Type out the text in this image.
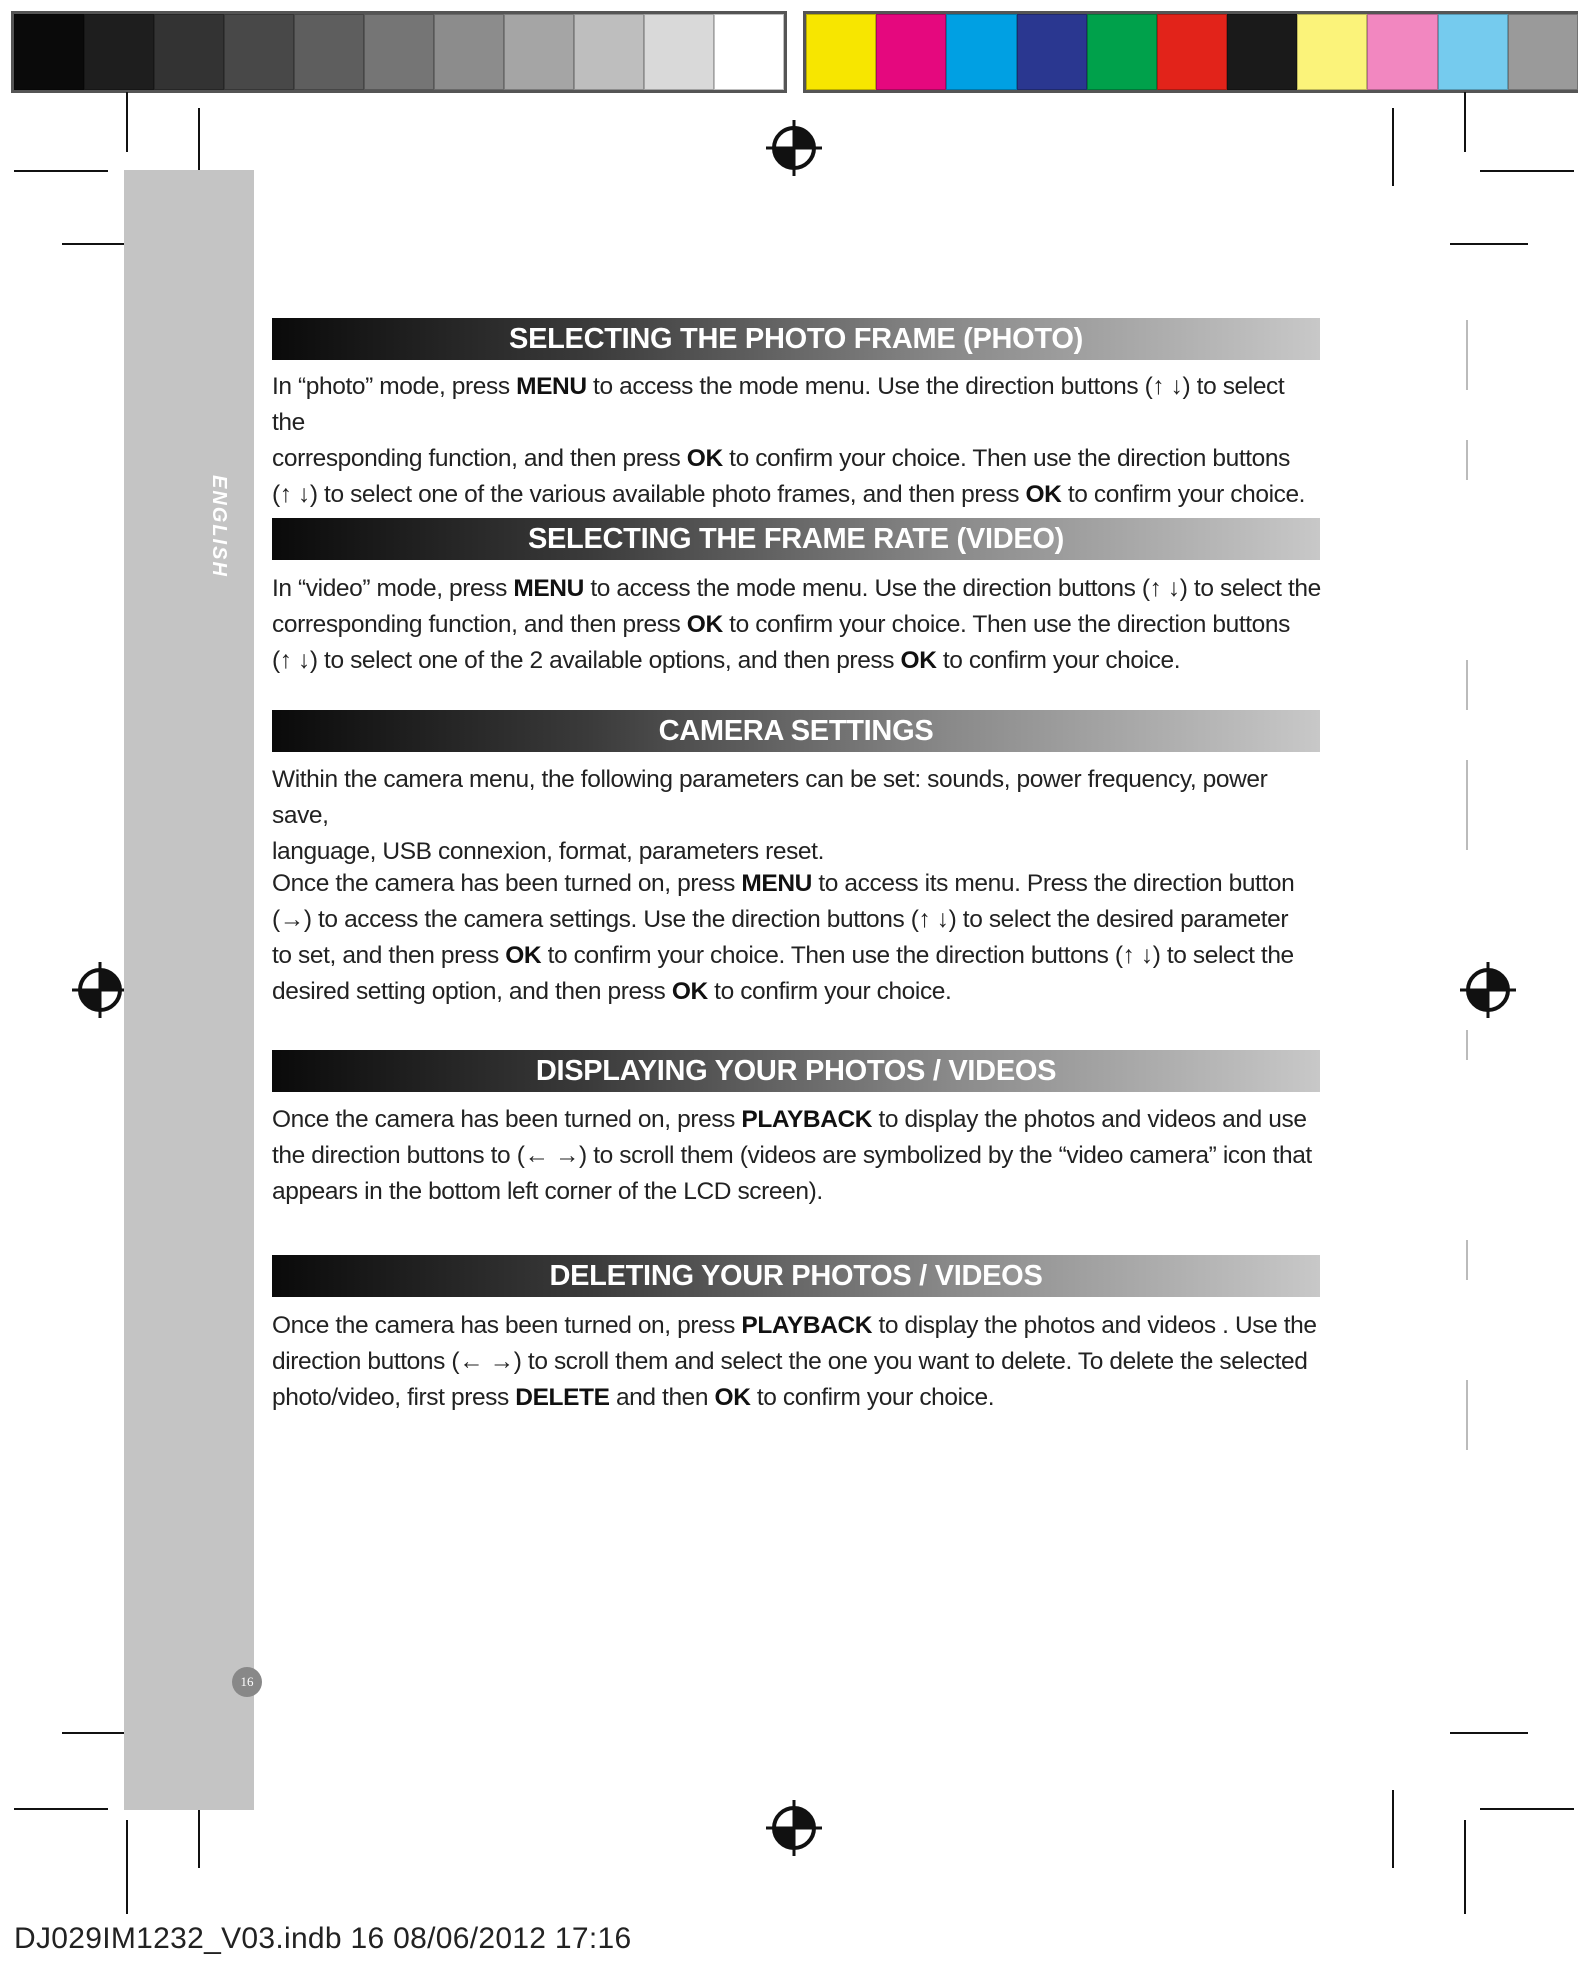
ENGLISH
16
SELECTING THE PHOTO FRAME (PHOTO)
In “photo” mode, press MENU to access the mode menu. Use the direction buttons (↑ ↓) to select the
corresponding function, and then press OK to confirm your choice. Then use the direction buttons
(↑ ↓) to select one of the various available photo frames, and then press OK to confirm your choice.
SELECTING THE FRAME RATE (VIDEO)
In “video” mode, press MENU to access the mode menu. Use the direction buttons (↑ ↓) to select the
corresponding function, and then press OK to confirm your choice. Then use the direction buttons
(↑ ↓) to select one of the 2 available options, and then press OK to confirm your choice.
CAMERA SETTINGS
Within the camera menu, the following parameters can be set: sounds, power frequency, power save,
language, USB connexion, format, parameters reset.
Once the camera has been turned on, press MENU to access its menu. Press the direction button
(→) to access the camera settings. Use the direction buttons (↑ ↓) to select the desired parameter
to set, and then press OK to confirm your choice. Then use the direction buttons (↑ ↓) to select the
desired setting option, and then press OK to confirm your choice.
DISPLAYING YOUR PHOTOS / VIDEOS
Once the camera has been turned on, press PLAYBACK to display the photos and videos and use
the direction buttons to (← →) to scroll them (videos are symbolized by the “video camera” icon that
appears in the bottom left corner of the LCD screen).
DELETING YOUR PHOTOS / VIDEOS
Once the camera has been turned on, press PLAYBACK to display the photos and videos . Use the
direction buttons (← →) to scroll them and select the one you want to delete. To delete the selected
photo/video, first press DELETE and then OK to confirm your choice.
DJ029IM1232_V03.indb 16 08/06/2012 17:16
